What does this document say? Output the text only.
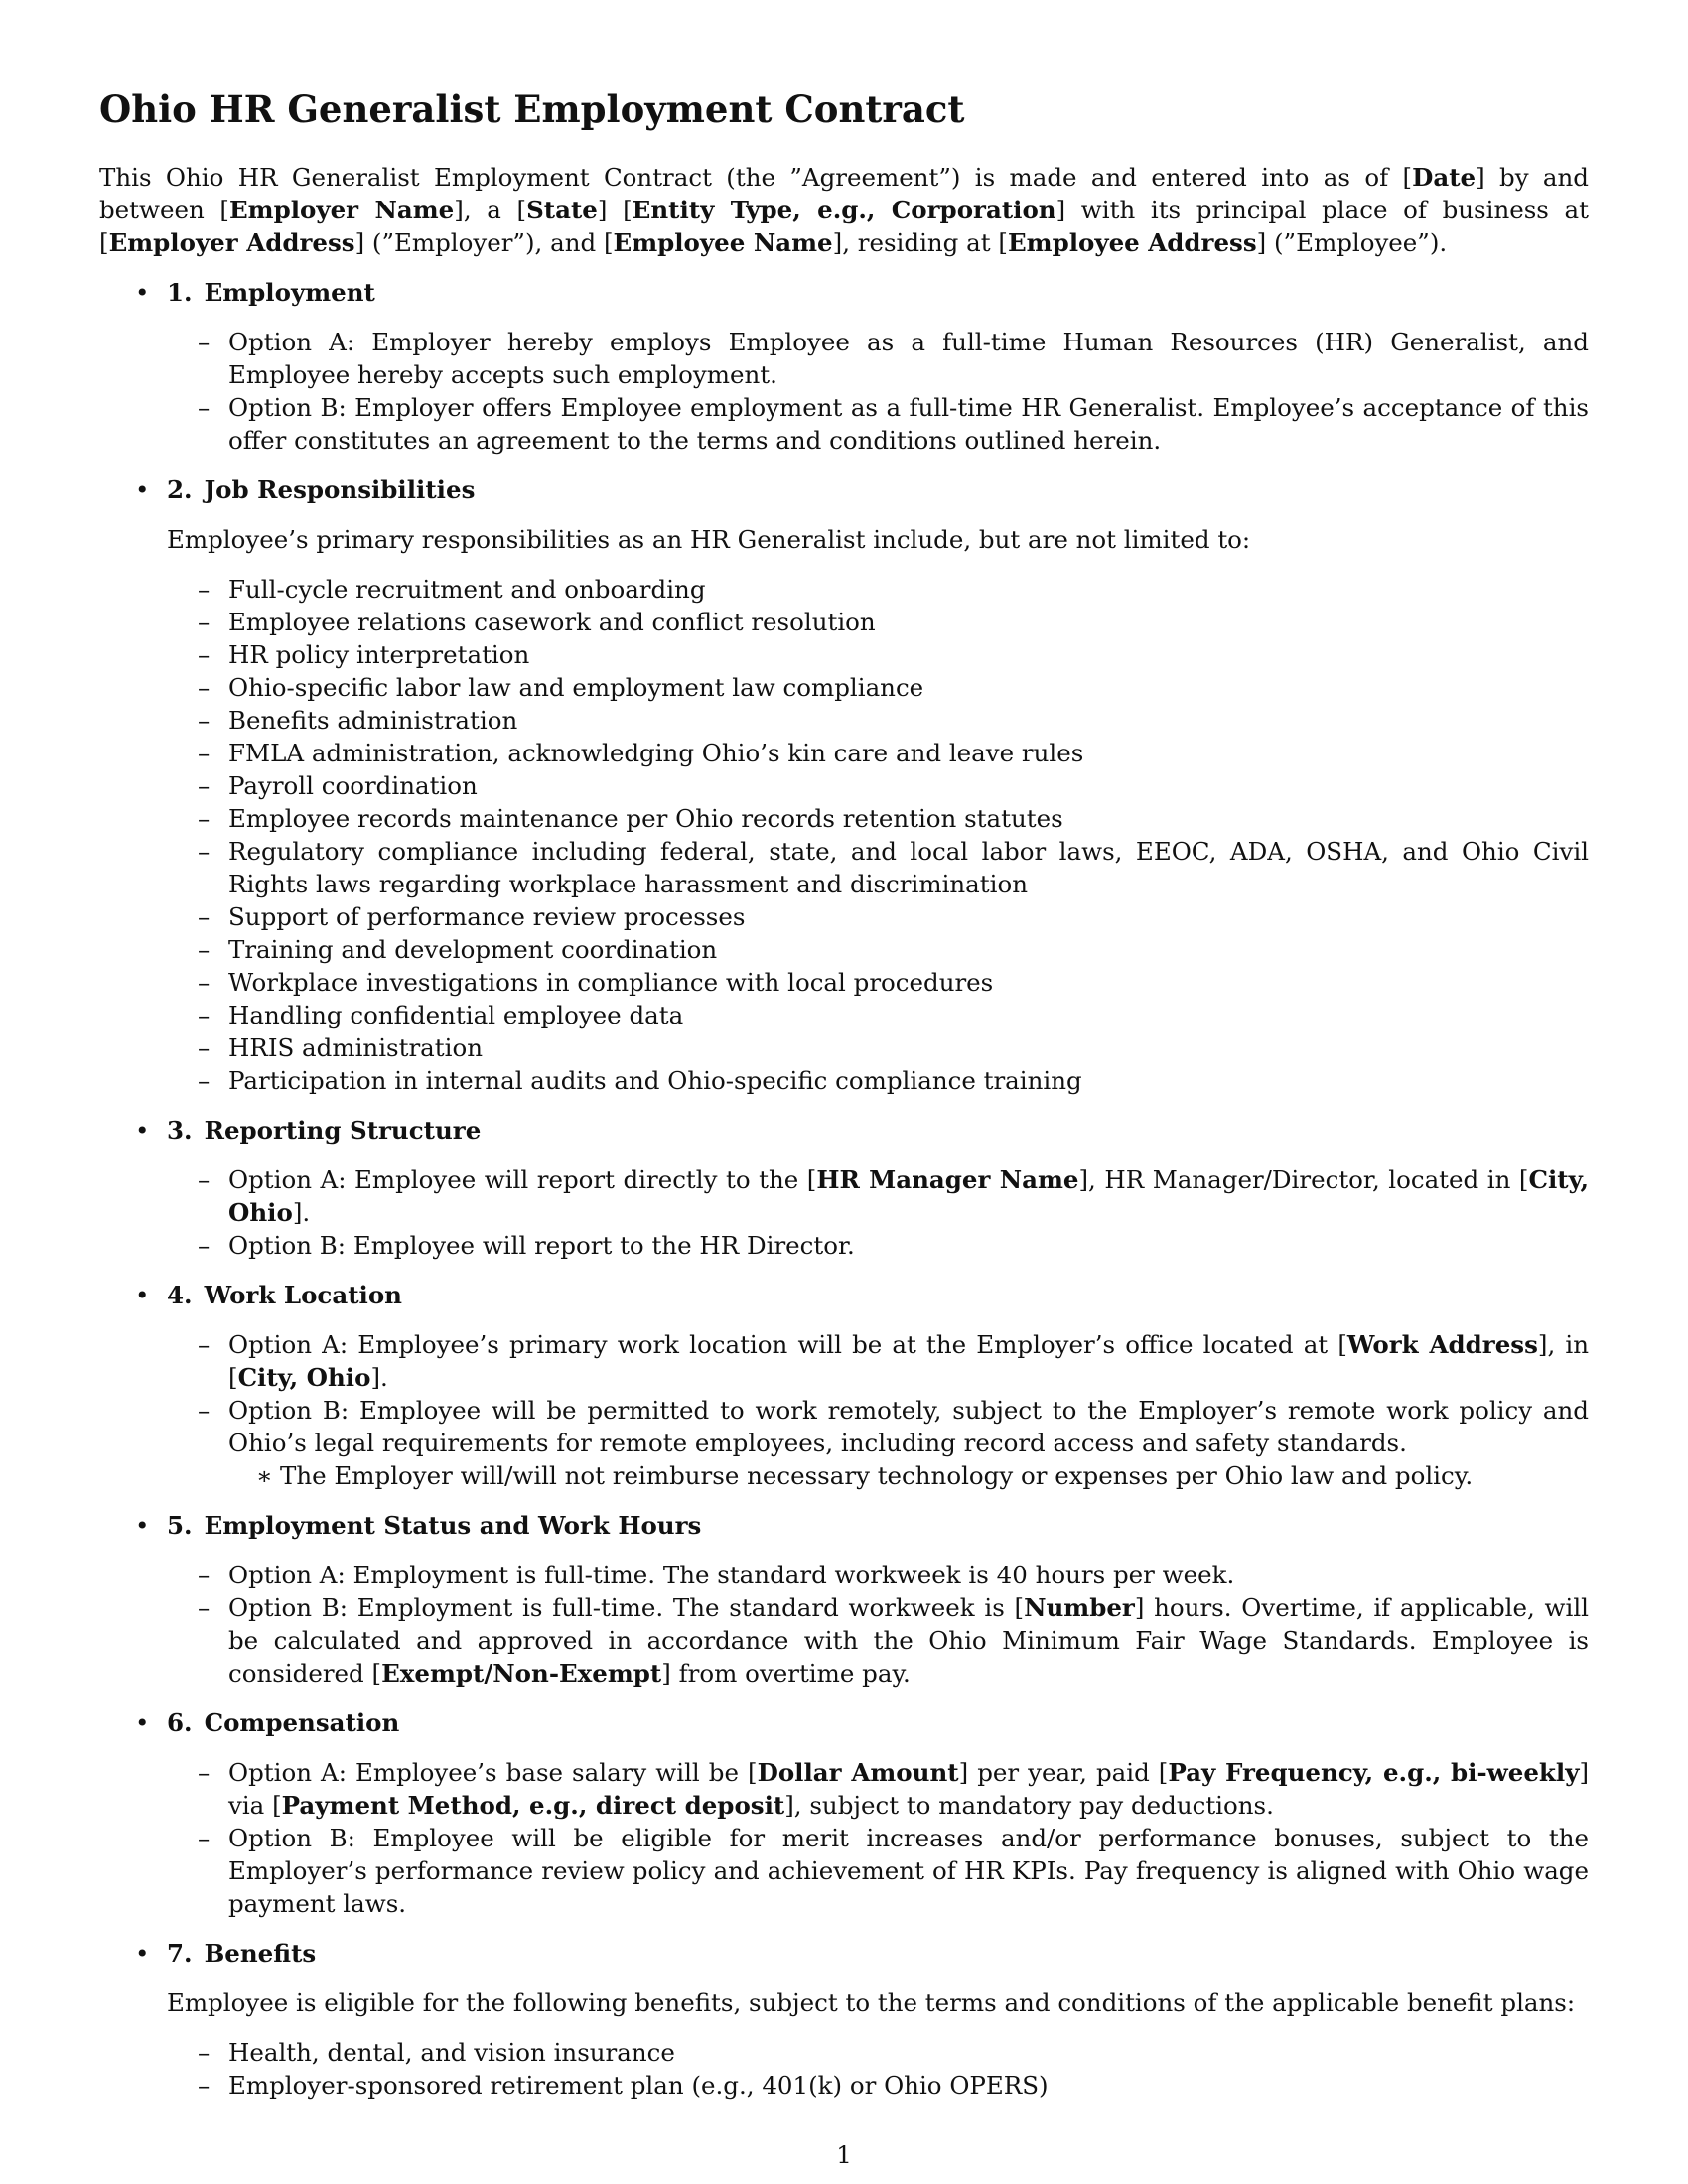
Ohio HR Generalist Employment Contract

This Ohio HR Generalist Employment Contract (the ”Agreement”) is made and entered into as of [Date] by and between [Employer Name], a [State] [Entity Type, e.g., Corporation] with its principal place of business at [Employer Address] (”Employer”), and [Employee Name], residing at [Employee Address] (”Employee”).

• 1. Employment
– Option A: Employer hereby employs Employee as a full-time Human Resources (HR) Generalist, and Employee hereby accepts such employment.
– Option B: Employer offers Employee employment as a full-time HR Generalist. Employee’s acceptance of this offer constitutes an agreement to the terms and conditions outlined herein.
• 2. Job Responsibilities

Employee’s primary responsibilities as an HR Generalist include, but are not limited to:

– Full-cycle recruitment and onboarding
– Employee relations casework and conflict resolution
– HR policy interpretation
– Ohio-specific labor law and employment law compliance
– Benefits administration
– FMLA administration, acknowledging Ohio’s kin care and leave rules
– Payroll coordination
– Employee records maintenance per Ohio records retention statutes
– Regulatory compliance including federal, state, and local labor laws, EEOC, ADA, OSHA, and Ohio Civil Rights laws regarding workplace harassment and discrimination
– Support of performance review processes
– Training and development coordination
– Workplace investigations in compliance with local procedures
– Handling confidential employee data
– HRIS administration
– Participation in internal audits and Ohio-specific compliance training
• 3. Reporting Structure
– Option A: Employee will report directly to the [HR Manager Name], HR Manager/Director, located in [City, Ohio].
– Option B: Employee will report to the HR Director.
• 4. Work Location
– Option A: Employee’s primary work location will be at the Employer’s office located at [Work Address], in [City, Ohio].
– Option B: Employee will be permitted to work remotely, subject to the Employer’s remote work policy and Ohio’s legal requirements for remote employees, including record access and safety standards.
∗ The Employer will/will not reimburse necessary technology or expenses per Ohio law and policy.
• 5. Employment Status and Work Hours
– Option A: Employment is full-time. The standard workweek is 40 hours per week.
– Option B: Employment is full-time. The standard workweek is [Number] hours. Overtime, if applicable, will be calculated and approved in accordance with the Ohio Minimum Fair Wage Standards. Employee is considered [Exempt/Non-Exempt] from overtime pay.
• 6. Compensation
– Option A: Employee’s base salary will be [Dollar Amount] per year, paid [Pay Frequency, e.g., bi-weekly] via [Payment Method, e.g., direct deposit], subject to mandatory pay deductions.
– Option B: Employee will be eligible for merit increases and/or performance bonuses, subject to the Employer’s performance review policy and achievement of HR KPIs. Pay frequency is aligned with Ohio wage payment laws.
• 7. Benefits

Employee is eligible for the following benefits, subject to the terms and conditions of the applicable benefit plans:

– Health, dental, and vision insurance
– Employer-sponsored retirement plan (e.g., 401(k) or Ohio OPERS)
1
